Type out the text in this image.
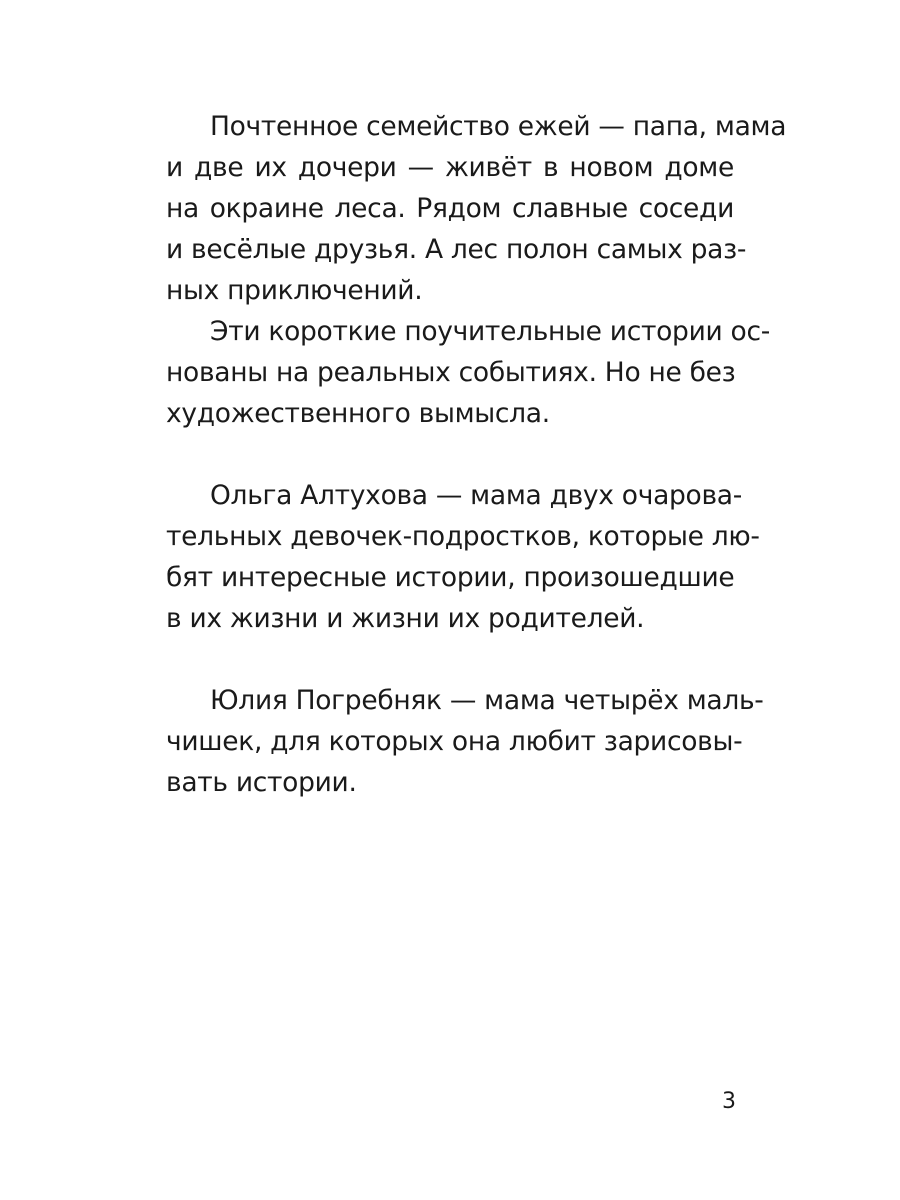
Почтенное семейство ежей — папа, мама
и две их дочери — живёт в новом доме
на окраине леса. Рядом славные соседи
и весёлые друзья. А лес полон самых раз-
ных приключений.
Эти короткие поучительные истории ос-
нованы на реальных событиях. Но не без
художественного вымысла.
Ольга Алтухова — мама двух очарова-
тельных девочек-подростков, которые лю-
бят интересные истории, произошедшие
в их жизни и жизни их родителей.
Юлия Погребняк — мама четырёх маль-
чишек, для которых она любит зарисовы-
вать истории.
3
